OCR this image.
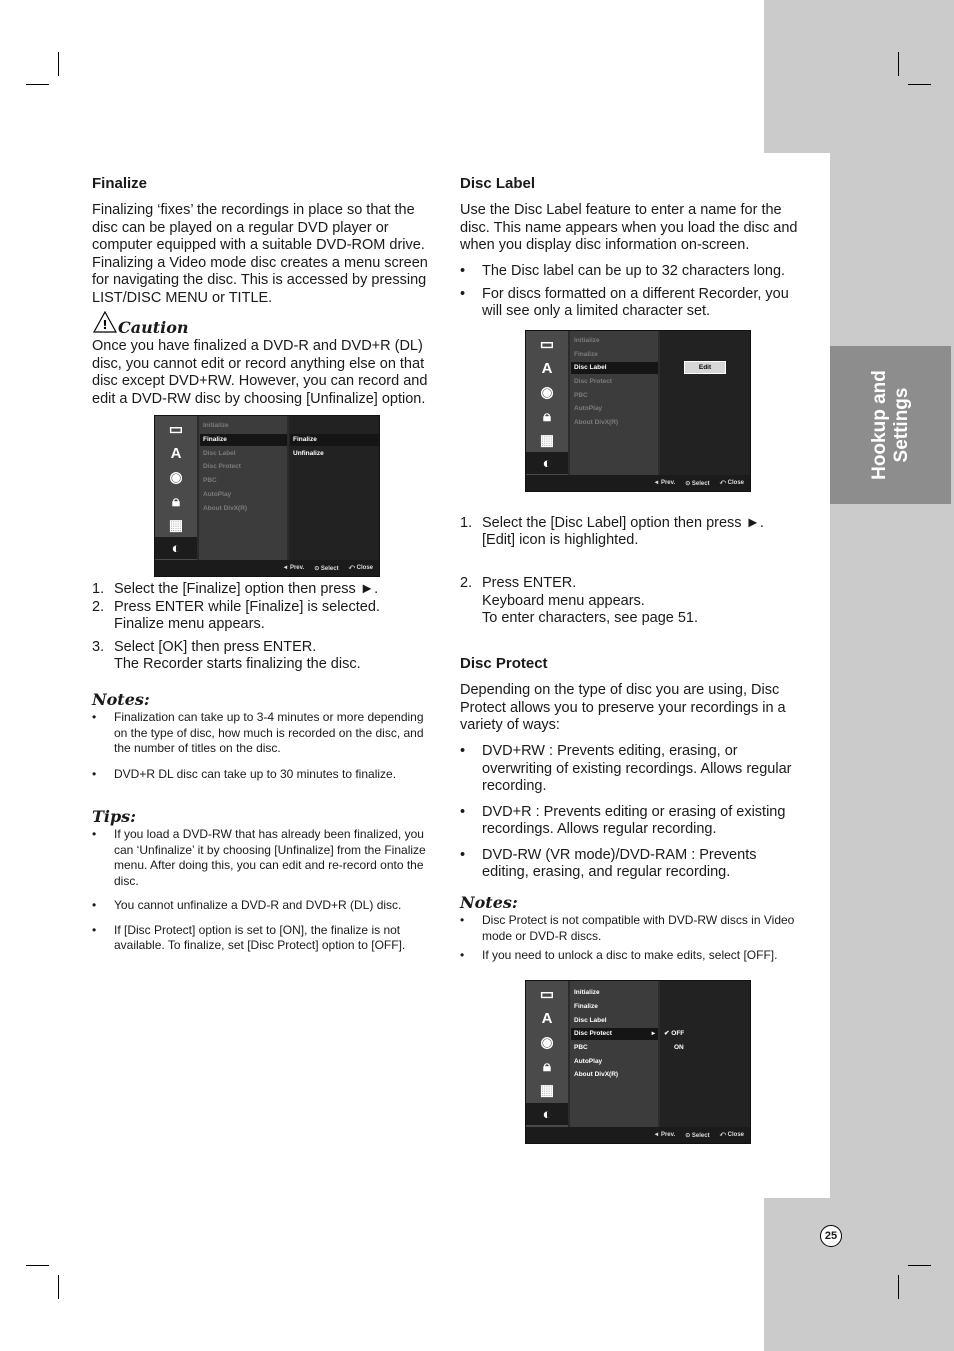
Hookup and Settings
25
Finalize
Finalizing ‘fixes’ the recordings in place so that the disc can be played on a regular DVD player or computer equipped with a suitable DVD-ROM drive. Finalizing a Video mode disc creates a menu screen for navigating the disc. This is accessed by pressing LIST/DISC MENU or TITLE.
! Caution
Once you have finalized a DVD-R and DVD+R (DL) disc, you cannot edit or record anything else on that disc except DVD+RW. However, you can record and edit a DVD-RW disc by choosing [Unfinalize] option.
▭
A
◉
🔒︎
▦
◐
Initialize
Finalize
Disc Label
Disc Protect
PBC
AutoPlay
About DivX(R)
Finalize
Unfinalize
◄ Prev. ⊙ Select ⤺ Close
1. Select the [Finalize] option then press ►.
2. Press ENTER while [Finalize] is selected.
Finalize menu appears.
3. Select [OK] then press ENTER.
The Recorder starts finalizing the disc.
Notes:
• Finalization can take up to 3-4 minutes or more depending on the type of disc, how much is recorded on the disc, and the number of titles on the disc.
• DVD+R DL disc can take up to 30 minutes to finalize.
Tips:
• If you load a DVD-RW that has already been finalized, you can ‘Unfinalize’ it by choosing [Unfinalize] from the Finalize menu. After doing this, you can edit and re-record onto the disc.
• You cannot unfinalize a DVD-R and DVD+R (DL) disc.
• If [Disc Protect] option is set to [ON], the finalize is not available. To finalize, set [Disc Protect] option to [OFF].
Disc Label
Use the Disc Label feature to enter a name for the disc. This name appears when you load the disc and when you display disc information on-screen.
• The Disc label can be up to 32 characters long.
• For discs formatted on a different Recorder, you will see only a limited character set.
▭
A
◉
🔒︎
▦
◐
Initialize
Finalize
Disc Label
Disc Protect
PBC
AutoPlay
About DivX(R)
Edit
◄ Prev. ⊙ Select ⤺ Close

1. Select the [Disc Label] option then press ►.
[Edit] icon is highlighted.

2. Press ENTER.
Keyboard menu appears.
To enter characters, see page 51.

Disc Protect
Depending on the type of disc you are using, Disc Protect allows you to preserve your recordings in a variety of ways:
• DVD+RW : Prevents editing, erasing, or overwriting of existing recordings. Allows regular recording.
• DVD+R : Prevents editing or erasing of existing recordings. Allows regular recording.
• DVD-RW (VR mode)/DVD-RAM : Prevents editing, erasing, and regular recording.
Notes:
• Disc Protect is not compatible with DVD-RW discs in Video mode or DVD-R discs.
• If you need to unlock a disc to make edits, select [OFF].
▭
A
◉
🔒︎
▦
◐
Initialize
Finalize
Disc Label
Disc Protect	▸
PBC
AutoPlay
About DivX(R)
✔ OFF
ON
◄ Prev. ⊙ Select ⤺ Close
